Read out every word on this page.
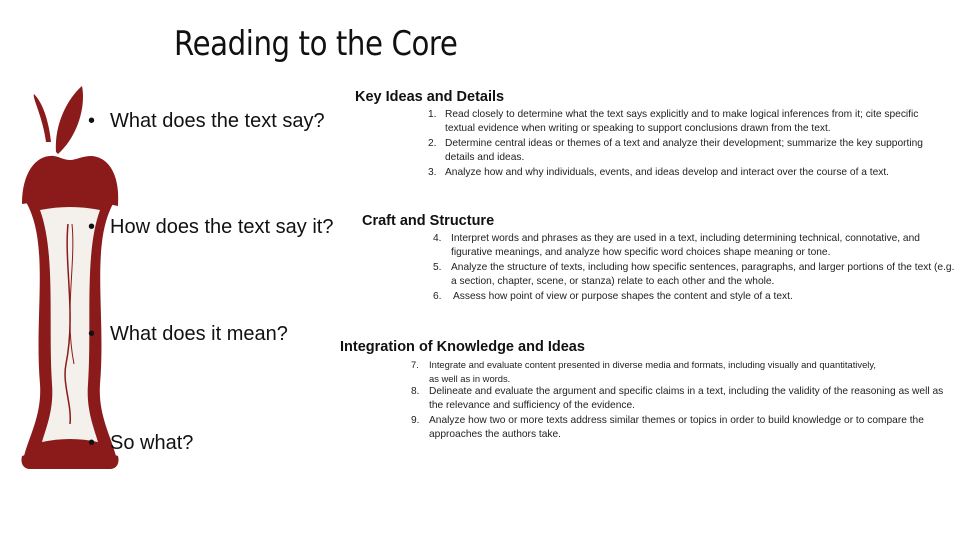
Reading to the Core
• What does the text say?
• How does the text say it?
• What does it mean?
• So what?
Key Ideas and Details
Craft and Structure
Integration of Knowledge and Ideas
1. Read closely to determine what the text says explicitly and to make logical inferences from it; cite specific textual evidence when writing or speaking to support conclusions drawn from the text.
2. Determine central ideas or themes of a text and analyze their development; summarize the key supporting details and ideas.
3. Analyze how and why individuals, events, and ideas develop and interact over the course of a text.
4. Interpret words and phrases as they are used in a text, including determining technical, connotative, and figurative meanings, and analyze how specific word choices shape meaning or tone.
5. Analyze the structure of texts, including how specific sentences, paragraphs, and larger portions of the text (e.g. a section, chapter, scene, or stanza) relate to each other and the whole.
6. Assess how point of view or purpose shapes the content and style of a text.
7. Integrate and evaluate content presented in diverse media and formats, including visually and quantitatively, as well as in words.
8. Delineate and evaluate the argument and specific claims in a text, including the validity of the reasoning as well as the relevance and sufficiency of the evidence.
9. Analyze how two or more texts address similar themes or topics in order to build knowledge or to compare the approaches the authors take.
